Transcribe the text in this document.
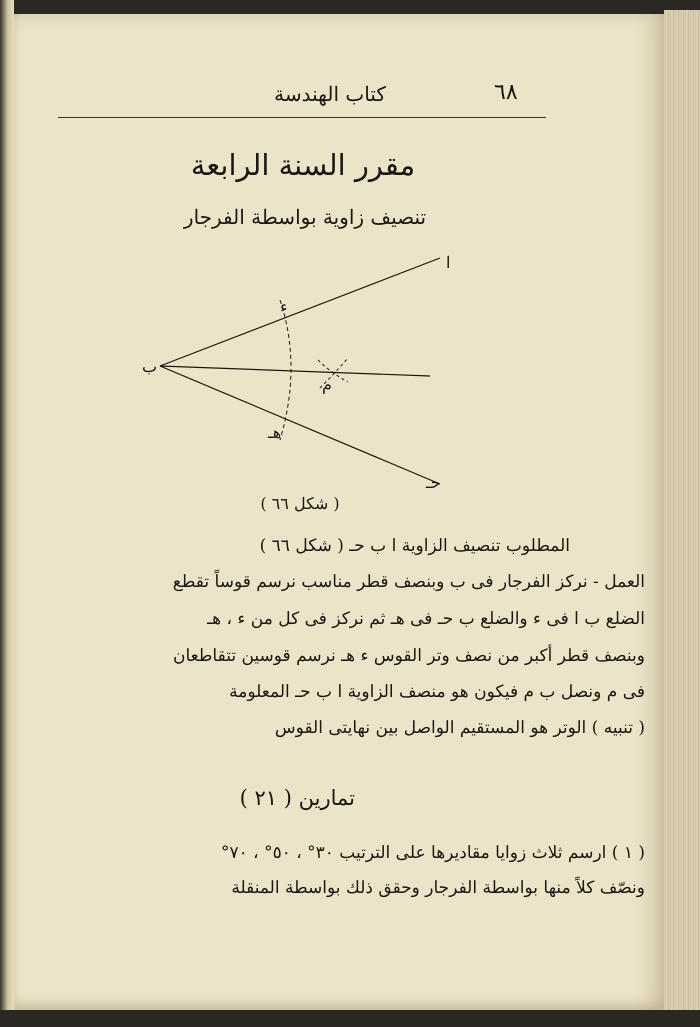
٦٨
كتاب الهندسة
مقرر السنة الرابعة
تنصيف زاوية بواسطة الفرجار
ب
ا
حـ
ء
هـ
م
( شكل ٦٦ )
المطلوب تنصيف الزاوية ا ب حـ ( شكل ٦٦ )
العمل - نركز الفرجار فى ب وبنصف قطر مناسب نرسم قوساً تقطع
الضلع ب ا فى ء والضلع ب حـ فى هـ ثم نركز فى كل من ء ، هـ
وبنصف قطر أكبر من نصف وتر القوس ء هـ نرسم قوسين تتقاطعان
فى م ونصل ب م فيكون هو منصف الزاوية ا ب حـ المعلومة
( تنبيه ) الوتر هو المستقيم الواصل بين نهايتى القوس
تمارين ( ٢١ )
( ١ ) ارسم ثلاث زوايا مقاديرها على الترتيب ٣٠° ، ٥٠° ، ٧٠°
ونصّف كلاً منها بواسطة الفرجار وحقق ذلك بواسطة المنقلة
